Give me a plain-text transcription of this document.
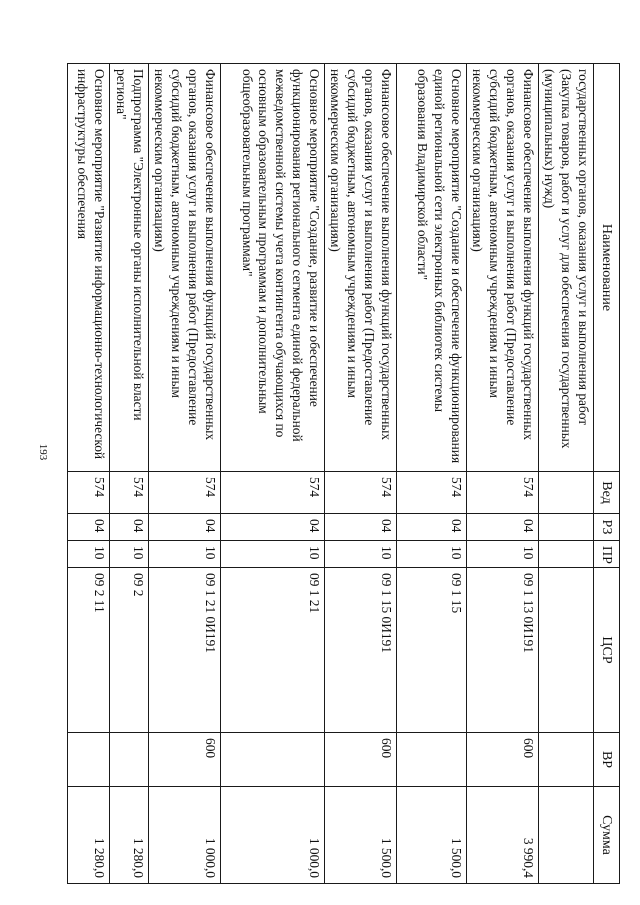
193
Наименование	Вед	РЗ	ПР	ЦСР	ВР	Сумма
государственных органов, оказания услуг и выполнения работ (Закупка товаров, работ и услуг для обеспечения государственных (муниципальных) нужд)						
Финансовое обеспечение выполнения функций государственных органов, оказания услуг и выполнения работ (Предоставление субсидий бюджетным, автономным учреждениям и иным некоммерческим организациям)	574	04	10	09 1 13 0И191	600	3 990,4
Основное мероприятие "Создание и обеспечение функционирования единой региональной сети электронных библиотек системы образования Владимирской области"	574	04	10	09 1 15		1 500,0
Финансовое обеспечение выполнения функций государственных органов, оказания услуг и выполнения работ (Предоставление субсидий бюджетным, автономным учреждениям и иным некоммерческим организациям)	574	04	10	09 1 15 0И191	600	1 500,0
Основное мероприятие "Создание, развитие и обеспечение функционирования регионального сегмента единой федеральной межведомственной системы учета контингента обучающихся по основным образовательным программам и дополнительным общеобразовательным программам"	574	04	10	09 1 21		1 000,0
Финансовое обеспечение выполнения функций государственных органов, оказания услуг и выполнения работ (Предоставление субсидий бюджетным, автономным учреждениям и иным некоммерческим организациям)	574	04	10	09 1 21 0И191	600	1 000,0
Подпрограмма "Электронные органы исполнительной власти региона"	574	04	10	09 2		1 280,0
Основное мероприятие "Развитие информационно-технологической инфраструктуры обеспечения	574	04	10	09 2 11		1 280,0
